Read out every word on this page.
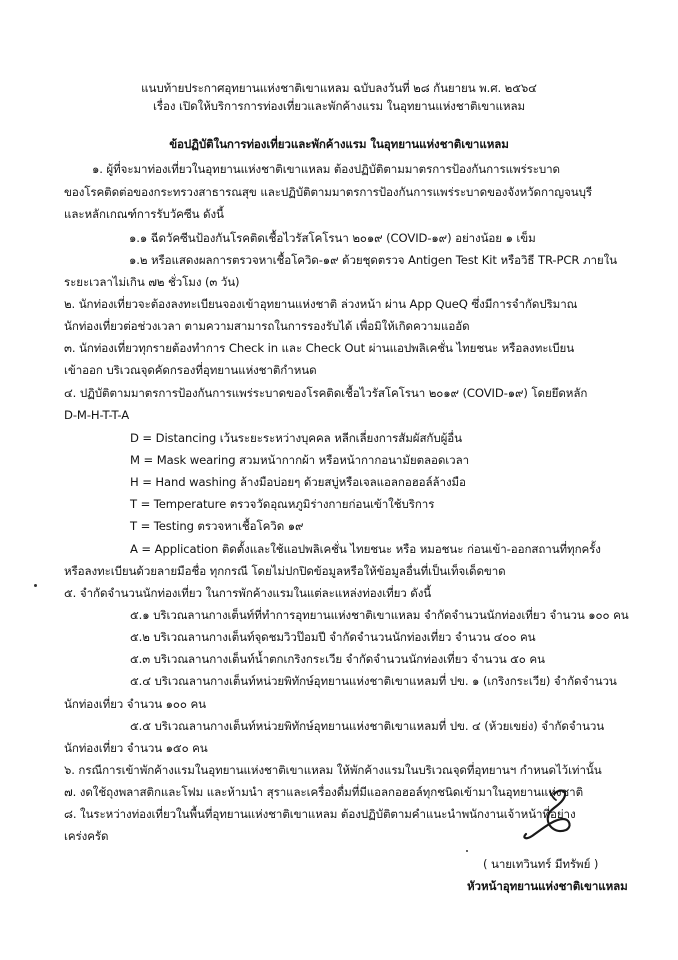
แนบท้ายประกาศอุทยานแห่งชาติเขาแหลม ฉบับลงวันที่ ๒๘ กันยายน พ.ศ. ๒๕๖๔
เรื่อง เปิดให้บริการการท่องเที่ยวและพักค้างแรม ในอุทยานแห่งชาติเขาแหลม
ข้อปฏิบัติในการท่องเที่ยวและพักค้างแรม ในอุทยานแห่งชาติเขาแหลม
๑. ผู้ที่จะมาท่องเที่ยวในอุทยานแห่งชาติเขาแหลม ต้องปฏิบัติตามมาตรการป้องกันการแพร่ระบาด
ของโรคติดต่อของกระทรวงสาธารณสุข และปฏิบัติตามมาตรการป้องกันการแพร่ระบาดของจังหวัดกาญจนบุรี
และหลักเกณฑ์การรับวัคซีน ดังนี้
๑.๑ ฉีดวัคซีนป้องกันโรคติดเชื้อไวรัสโคโรนา ๒๐๑๙ (COVID-๑๙) อย่างน้อย ๑ เข็ม
๑.๒ หรือแสดงผลการตรวจหาเชื้อโควิด-๑๙ ด้วยชุดตรวจ Antigen Test Kit หรือวิธี TR-PCR ภายใน
ระยะเวลาไม่เกิน ๗๒ ชั่วโมง (๓ วัน)
๒. นักท่องเที่ยวจะต้องลงทะเบียนจองเข้าอุทยานแห่งชาติ ล่วงหน้า ผ่าน App QueQ ซึ่งมีการจำกัดปริมาณ
นักท่องเที่ยวต่อช่วงเวลา ตามความสามารถในการรองรับได้ เพื่อมิให้เกิดความแออัด
๓. นักท่องเที่ยวทุกรายต้องทำการ Check in และ Check Out ผ่านแอปพลิเคชั่น ไทยชนะ หรือลงทะเบียน
เข้าออก บริเวณจุดคัดกรองที่อุทยานแห่งชาติกำหนด
๔. ปฏิบัติตามมาตรการป้องกันการแพร่ระบาดของโรคติดเชื้อไวรัสโคโรนา ๒๐๑๙ (COVID-๑๙) โดยยึดหลัก
D-M-H-T-T-A
D = Distancing เว้นระยะระหว่างบุคคล หลีกเลี่ยงการสัมผัสกับผู้อื่น
M = Mask wearing สวมหน้ากากผ้า หรือหน้ากากอนามัยตลอดเวลา
H = Hand washing ล้างมือบ่อยๆ ด้วยสบู่หรือเจลแอลกอฮอล์ล้างมือ
T = Temperature ตรวจวัดอุณหภูมิร่างกายก่อนเข้าใช้บริการ
T = Testing ตรวจหาเชื้อโควิด ๑๙
A = Application ติดตั้งและใช้แอปพลิเคชั่น ไทยชนะ หรือ หมอชนะ ก่อนเข้า-ออกสถานที่ทุกครั้ง
หรือลงทะเบียนด้วยลายมือชื่อ ทุกกรณี โดยไม่ปกปิดข้อมูลหรือให้ข้อมูลอื่นที่เป็นเท็จเด็ดขาด
๕. จำกัดจำนวนนักท่องเที่ยว ในการพักค้างแรมในแต่ละแหล่งท่องเที่ยว ดังนี้
๕.๑ บริเวณลานกางเต็นท์ที่ทำการอุทยานแห่งชาติเขาแหลม จำกัดจำนวนนักท่องเที่ยว จำนวน ๑๐๐ คน
๕.๒ บริเวณลานกางเต็นท์จุดชมวิวป๊อมปี จำกัดจำนวนนักท่องเที่ยว จำนวน ๔๐๐ คน
๕.๓ บริเวณลานกางเต็นท์น้ำตกเกริงกระเวีย จำกัดจำนวนนักท่องเที่ยว จำนวน ๕๐ คน
๕.๔ บริเวณลานกางเต็นท์หน่วยพิทักษ์อุทยานแห่งชาติเขาแหลมที่ ปข. ๑ (เกริงกระเวีย) จำกัดจำนวน
นักท่องเที่ยว จำนวน ๑๐๐ คน
๕.๕ บริเวณลานกางเต็นท์หน่วยพิทักษ์อุทยานแห่งชาติเขาแหลมที่ ปข. ๔ (ห้วยเขย่ง) จำกัดจำนวน
นักท่องเที่ยว จำนวน ๑๕๐ คน
๖. กรณีการเข้าพักค้างแรมในอุทยานแห่งชาติเขาแหลม ให้พักค้างแรมในบริเวณจุดที่อุทยานฯ กำหนดไว้เท่านั้น
๗. งดใช้ถุงพลาสติกและโฟม และห้ามนำ สุราและเครื่องดื่มที่มีแอลกอฮอล์ทุกชนิดเข้ามาในอุทยานแห่งชาติ
๘. ในระหว่างท่องเที่ยวในพื้นที่อุทยานแห่งชาติเขาแหลม ต้องปฏิบัติตามคำแนะนำพนักงานเจ้าหน้าที่อย่าง
เคร่งครัด
( นายเทวินทร์ มีทรัพย์ )
หัวหน้าอุทยานแห่งชาติเขาแหลม
